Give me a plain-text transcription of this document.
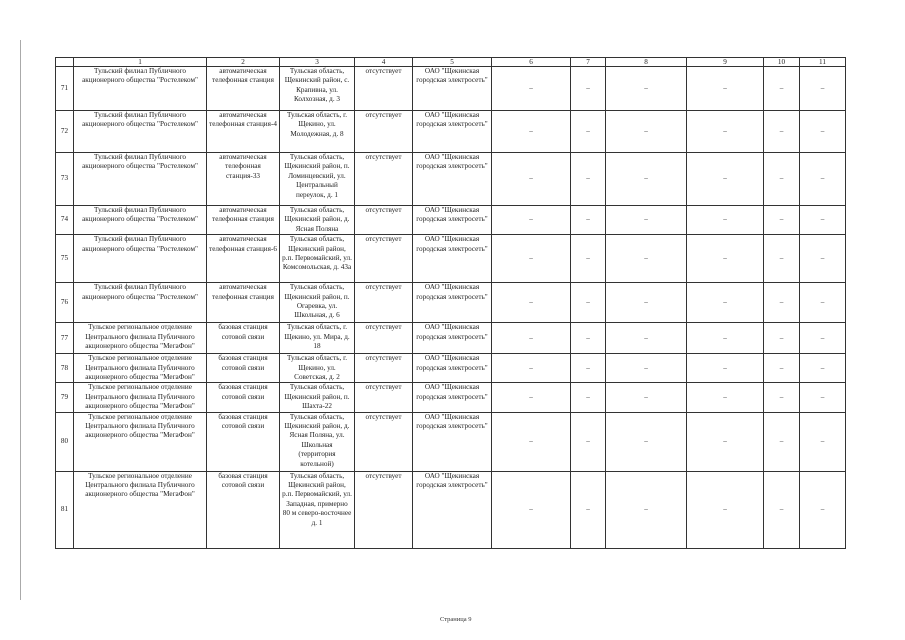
	1	2	3	4	5	6	7	8	9	10	11
71	Тульский филиал Публичного акционерного общества "Ростелеком"	автоматическая телефонная станция	Тульская область, Щекинский район, с. Крапивна, ул. Колхозная, д. 3	отсутствует	ОАО "Щекинская городская электросеть"	–	–	–	–	–	–
72	Тульский филиал Публичного акционерного общества "Ростелеком"	автоматическая телефонная станция-4	Тульская область, г. Щекино, ул. Молодежная, д. 8	отсутствует	ОАО "Щекинская городская электросеть"	–	–	–	–	–	–
73	Тульский филиал Публичного акционерного общества "Ростелеком"	автоматическая телефонная станция-33	Тульская область, Щекинский район, п. Ломинцевский, ул. Центральный переулок, д. 1	отсутствует	ОАО "Щекинская городская электросеть"	–	–	–	–	–	–
74	Тульский филиал Публичного акционерного общества "Ростелеком"	автоматическая телефонная станция	Тульская область, Щекинский район, д. Ясная Поляна	отсутствует	ОАО "Щекинская городская электросеть"	–	–	–	–	–	–
75	Тульский филиал Публичного акционерного общества "Ростелеком"	автоматическая телефонная станция-6	Тульская область, Щекинский район, р.п. Первомайский, ул. Комсомольская, д. 43а	отсутствует	ОАО "Щекинская городская электросеть"	–	–	–	–	–	–
76	Тульский филиал Публичного акционерного общества "Ростелеком"	автоматическая телефонная станция	Тульская область, Щекинский район, п. Огаревка, ул. Школьная, д. 6	отсутствует	ОАО "Щекинская городская электросеть"	–	–	–	–	–	–
77	Тульское региональное отделение Центрального филиала Публичного акционерного общества "МегаФон"	базовая станция сотовой связи	Тульская область, г. Щекино, ул. Мира, д. 18	отсутствует	ОАО "Щекинская городская электросеть"	–	–	–	–	–	–
78	Тульское региональное отделение Центрального филиала Публичного акционерного общества "МегаФон"	базовая станция сотовой связи	Тульская область, г. Щекино, ул. Советская, д. 2	отсутствует	ОАО "Щекинская городская электросеть"	–	–	–	–	–	–
79	Тульское региональное отделение Центрального филиала Публичного акционерного общества "МегаФон"	базовая станция сотовой связи	Тульская область, Щекинский район, п. Шахта-22	отсутствует	ОАО "Щекинская городская электросеть"	–	–	–	–	–	–
80	Тульское региональное отделение Центрального филиала Публичного акционерного общества "МегаФон"	базовая станция сотовой связи	Тульская область, Щекинский район, д. Ясная Поляна, ул. Школьная (территория котельной)	отсутствует	ОАО "Щекинская городская электросеть"	–	–	–	–	–	–
81	Тульское региональное отделение Центрального филиала Публичного акционерного общества "МегаФон"	базовая станция сотовой связи	Тульская область, Щекинский район, р.п. Первомайский, ул. Западная, примерно 80 м северо-восточнее д. 1	отсутствует	ОАО "Щекинская городская электросеть"	–	–	–	–	–	–
Страница 9
